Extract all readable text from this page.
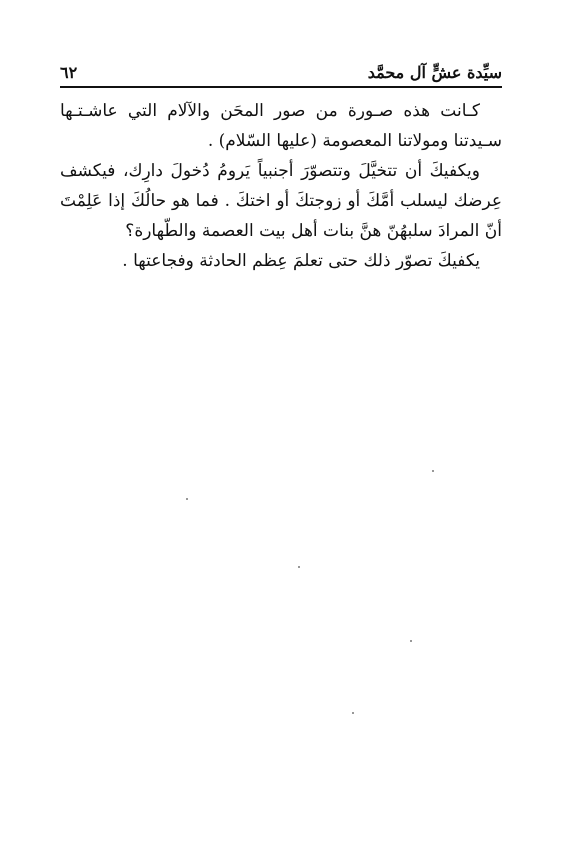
سيِّدة عشٍّ آل محمَّد
٦٢

كـانت هذه صـورة من صور المحَن والآلام التي عاشـتـها سـيدتنا ومولاتنا المعصومة (عليها السّلام) .

ويكفيكَ أن تتخيَّلَ وتتصوّرَ أجنبياً يَرومُ دُخولَ دارِك، فيكشف عِرضك ليسلب أمَّكَ أو زوجتكَ أو اختكَ . فما هو حالُكَ إذا عَلِمْتَ أنّ المرادَ سلبهُنّ هنَّ بنات أهل بيت العصمة والطّهارة؟

يكفيكَ تصوّر ذلك حتى تعلمَ عِظم الحادثة وفجاعتها .
